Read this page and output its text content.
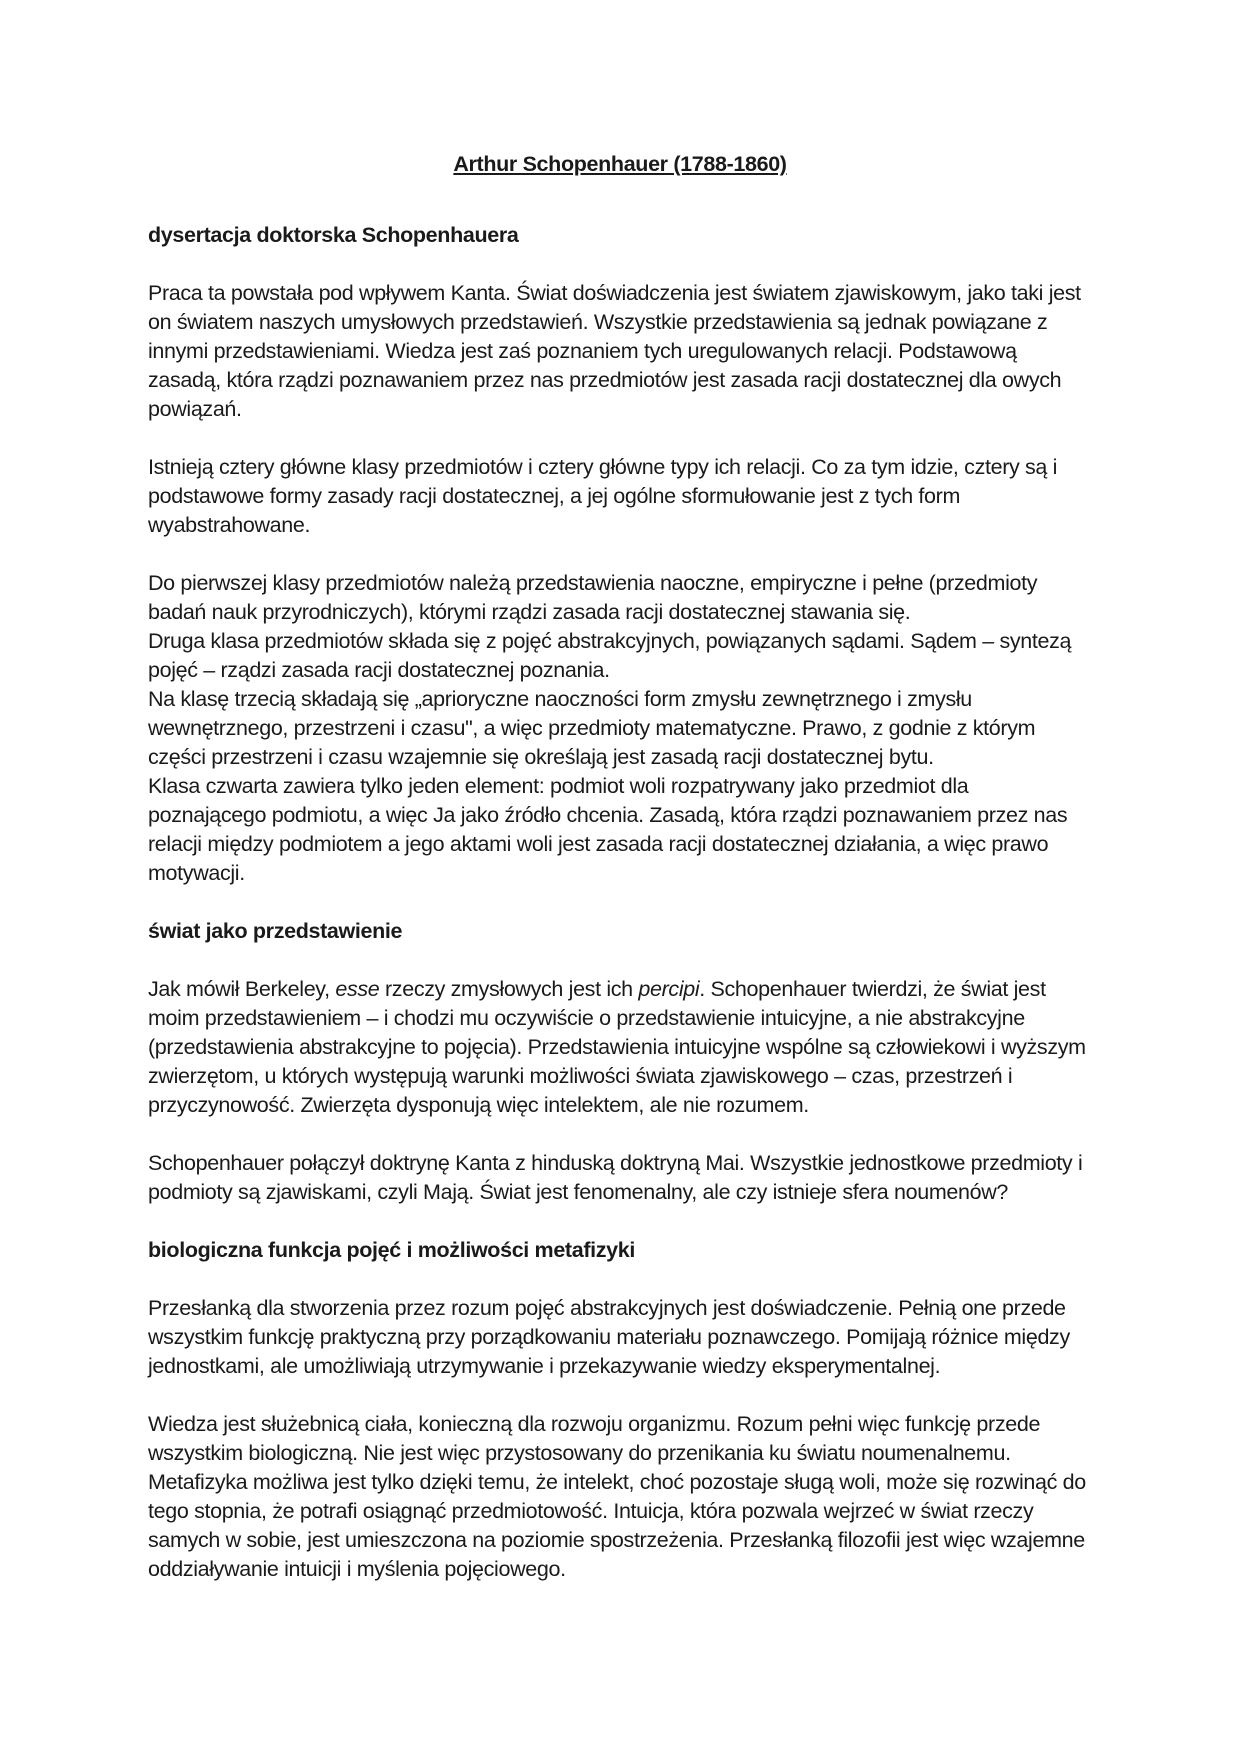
Arthur Schopenhauer (1788-1860)
dysertacja doktorska Schopenhauera

Praca ta powstała pod wpływem Kanta. Świat doświadczenia jest światem zjawiskowym, jako taki jest on światem naszych umysłowych przedstawień. Wszystkie przedstawienia są jednak powiązane z innymi przedstawieniami. Wiedza jest zaś poznaniem tych uregulowanych relacji. Podstawową zasadą, która rządzi poznawaniem przez nas przedmiotów jest zasada racji dostatecznej dla owych powiązań.

Istnieją cztery główne klasy przedmiotów i cztery główne typy ich relacji. Co za tym idzie, cztery są i podstawowe formy zasady racji dostatecznej, a jej ogólne sformułowanie jest z tych form wyabstrahowane.

Do pierwszej klasy przedmiotów należą przedstawienia naoczne, empiryczne i pełne (przedmioty badań nauk przyrodniczych), którymi rządzi zasada racji dostatecznej stawania się.

Druga klasa przedmiotów składa się z pojęć abstrakcyjnych, powiązanych sądami. Sądem – syntezą pojęć – rządzi zasada racji dostatecznej poznania.

Na klasę trzecią składają się „aprioryczne naoczności form zmysłu zewnętrznego i zmysłu wewnętrznego, przestrzeni i czasu", a więc przedmioty matematyczne. Prawo, z godnie z którym części przestrzeni i czasu wzajemnie się określają jest zasadą racji dostatecznej bytu.

Klasa czwarta zawiera tylko jeden element: podmiot woli rozpatrywany jako przedmiot dla poznającego podmiotu, a więc Ja jako źródło chcenia. Zasadą, która rządzi poznawaniem przez nas relacji między podmiotem a jego aktami woli jest zasada racji dostatecznej działania, a więc prawo motywacji.

świat jako przedstawienie

Jak mówił Berkeley, esse rzeczy zmysłowych jest ich percipi. Schopenhauer twierdzi, że świat jest moim przedstawieniem – i chodzi mu oczywiście o przedstawienie intuicyjne, a nie abstrakcyjne (przedstawienia abstrakcyjne to pojęcia). Przedstawienia intuicyjne wspólne są człowiekowi i wyższym zwierzętom, u których występują warunki możliwości świata zjawiskowego – czas, przestrzeń i przyczynowość. Zwierzęta dysponują więc intelektem, ale nie rozumem.

Schopenhauer połączył doktrynę Kanta z hinduską doktryną Mai. Wszystkie jednostkowe przedmioty i podmioty są zjawiskami, czyli Mają. Świat jest fenomenalny, ale czy istnieje sfera noumenów?

biologiczna funkcja pojęć i możliwości metafizyki

Przesłanką dla stworzenia przez rozum pojęć abstrakcyjnych jest doświadczenie. Pełnią one przede wszystkim funkcję praktyczną przy porządkowaniu materiału poznawczego. Pomijają różnice między jednostkami, ale umożliwiają utrzymywanie i przekazywanie wiedzy eksperymentalnej.

Wiedza jest służebnicą ciała, konieczną dla rozwoju organizmu. Rozum pełni więc funkcję przede wszystkim biologiczną. Nie jest więc przystosowany do przenikania ku światu noumenalnemu. Metafizyka możliwa jest tylko dzięki temu, że intelekt, choć pozostaje sługą woli, może się rozwinąć do tego stopnia, że potrafi osiągnąć przedmiotowość. Intuicja, która pozwala wejrzeć w świat rzeczy samych w sobie, jest umieszczona na poziomie spostrzeżenia. Przesłanką filozofii jest więc wzajemne oddziaływanie intuicji i myślenia pojęciowego.
